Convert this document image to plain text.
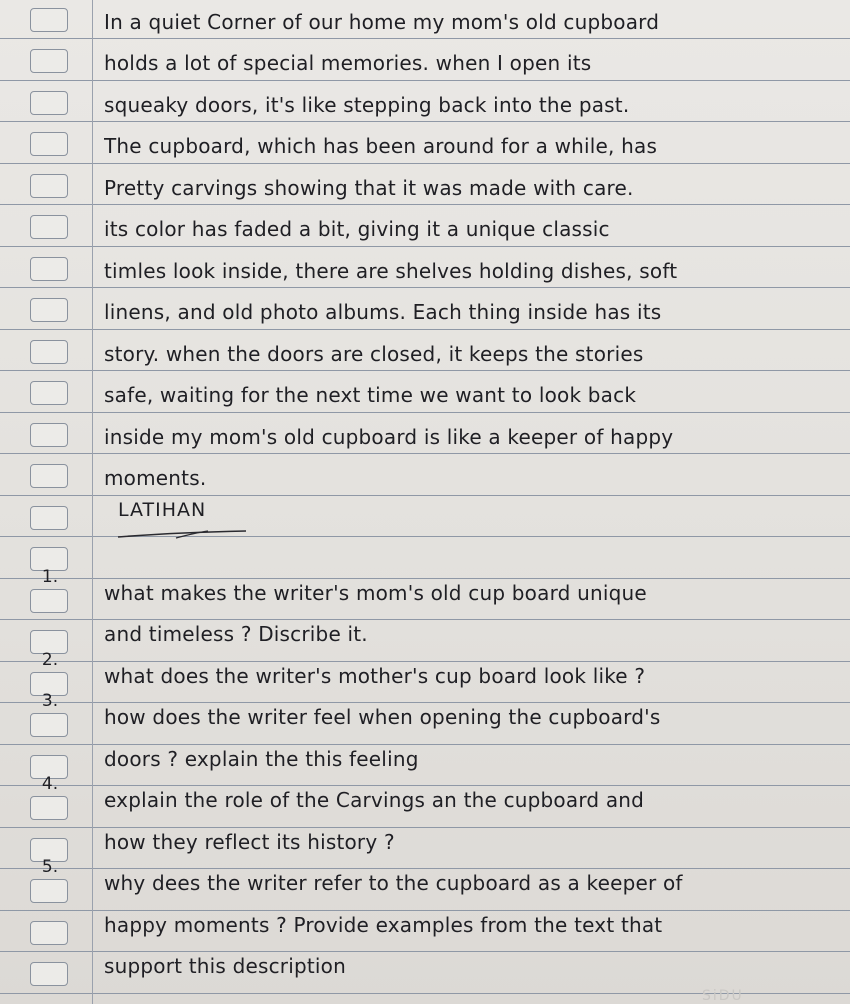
In a quiet Corner of our home my mom's old cupboard
holds a lot of special memories. when I open its
squeaky doors, it's like stepping back into the past.
The cupboard, which has been around for a while, has
Pretty carvings showing that it was made with care.
its color has faded a bit, giving it a unique classic
timles look inside, there are shelves holding dishes, soft
linens, and old photo albums. Each thing inside has its
story. when the doors are closed, it keeps the stories
safe, waiting for the next time we want to look back
inside my mom's old cupboard is like a keeper of happy
moments.
LATIHAN
1.
what makes the writer's mom's old cup board unique
and timeless ? Discribe it.
2.
what does the writer's mother's cup board look like ?
3.
how does the writer feel when opening the cupboard's
doors ? explain the this feeling
4.
explain the role of the Carvings an the cupboard and
how they reflect its history ?
5.
why dees the writer refer to the cupboard as a keeper of
happy moments ? Provide examples from the text that
support this description
SiDU
